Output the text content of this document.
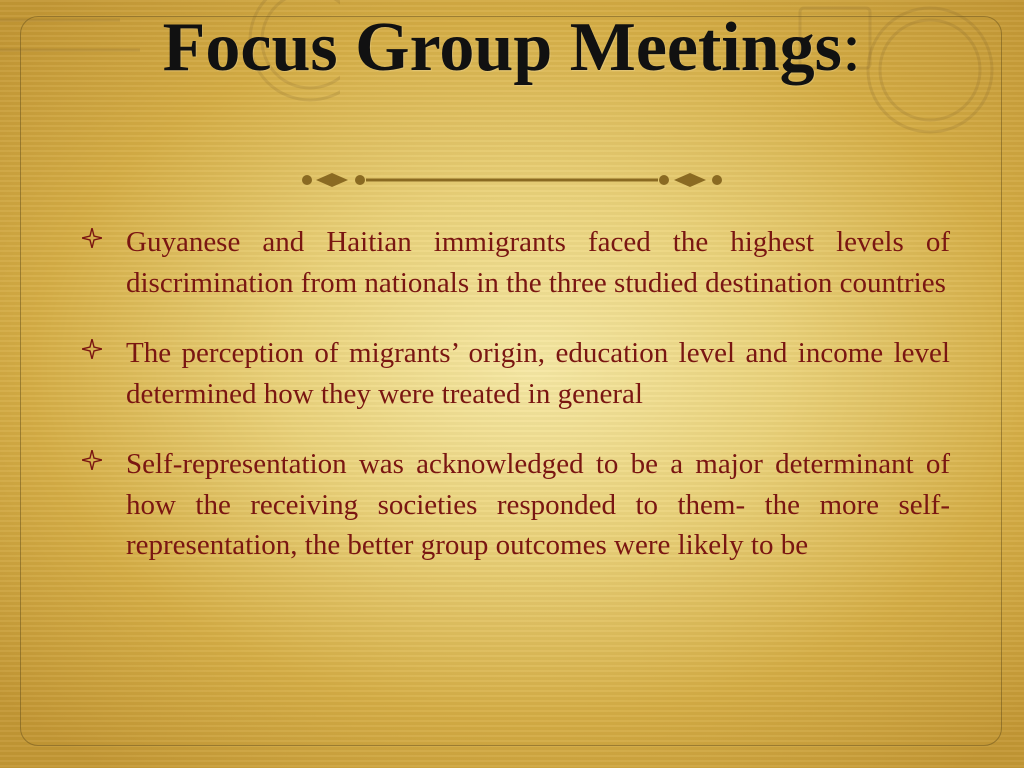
Focus Group Meetings:
Guyanese and Haitian immigrants faced the highest levels of discrimination from nationals in the three studied destination countries
The perception of migrants’ origin, education level and income level determined how they were treated in general
Self-representation was acknowledged to be a major determinant of how the receiving societies responded to them- the more self-representation, the better group outcomes were likely to be
